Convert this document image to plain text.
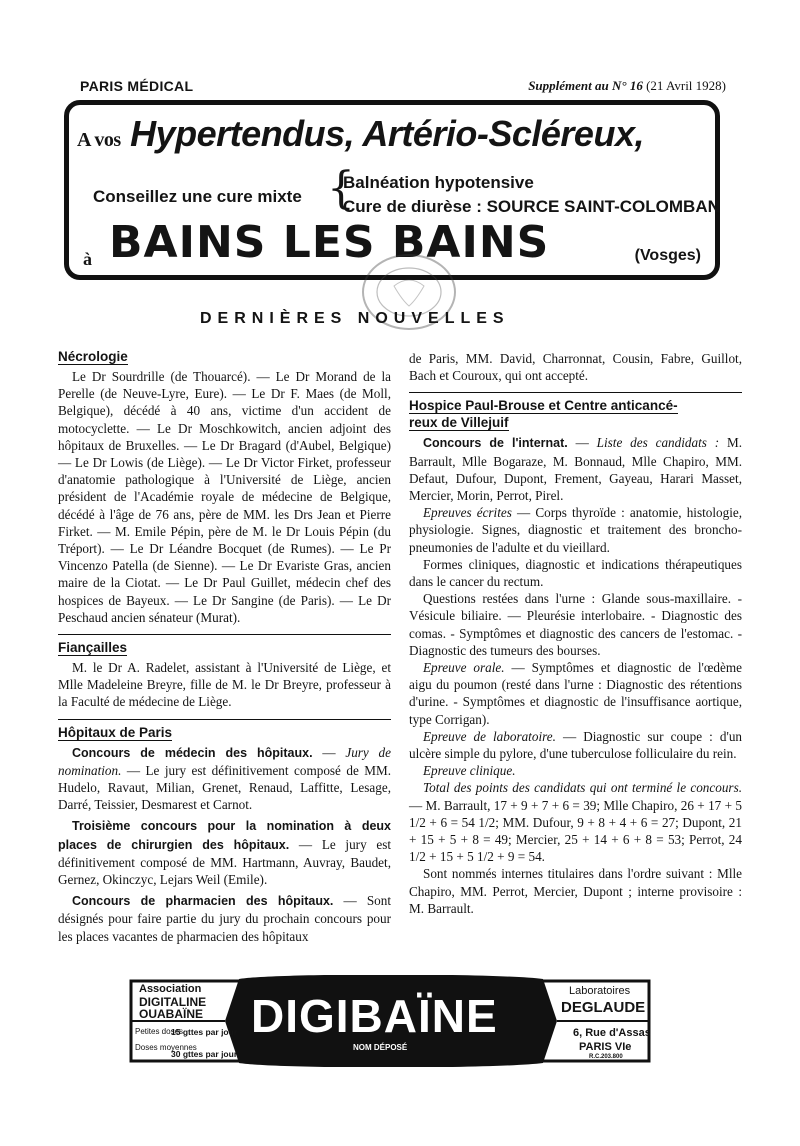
PARIS MÉDICAL	Supplément au N° 16 (21 Avril 1928)
A vos Hypertendus, Artério-Scléreux,
Conseillez une cure mixte {
Balnéation hypotensive
Cure de diurèse : SOURCE SAINT-COLOMBAN
à BAINS LES BAINS	(Vosges)
DERNIÈRES NOUVELLES
Nécrologie

Le Dr Sourdrille (de Thouarcé). — Le Dr Morand de la Perelle (de Neuve-Lyre, Eure). — Le Dr F. Maes (de Moll, Belgique), décédé à 40 ans, victime d'un accident de motocyclette. — Le Dr Moschkowitch, ancien adjoint des hôpitaux de Bruxelles. — Le Dr Bragard (d'Aubel, Belgique) — Le Dr Lowis (de Liège). — Le Dr Victor Firket, professeur d'anatomie pathologique à l'Université de Liège, ancien président de l'Académie royale de médecine de Belgique, décédé à l'âge de 76 ans, père de MM. les Drs Jean et Pierre Firket. — M. Emile Pépin, père de M. le Dr Louis Pépin (du Tréport). — Le Dr Léandre Bocquet (de Rumes). — Le Pr Vincenzo Patella (de Sienne). — Le Dr Evariste Gras, ancien maire de la Ciotat. — Le Dr Paul Guillet, médecin chef des hospices de Bayeux. — Le Dr Sangine (de Paris). — Le Dr Peschaud ancien sénateur (Murat).

Fiançailles

M. le Dr A. Radelet, assistant à l'Université de Liège, et Mlle Madeleine Breyre, fille de M. le Dr Breyre, professeur à la Faculté de médecine de Liège.

Hôpitaux de Paris

Concours de médecin des hôpitaux. — Jury de nomination. — Le jury est définitivement composé de MM. Hudelo, Ravaut, Milian, Grenet, Renaud, Laffitte, Lesage, Darré, Teissier, Desmarest et Carnot.

Troisième concours pour la nomination à deux places de chirurgien des hôpitaux. — Le jury est définitivement composé de MM. Hartmann, Auvray, Baudet, Gernez, Okinczyc, Lejars Weil (Emile).

Concours de pharmacien des hôpitaux. — Sont désignés pour faire partie du jury du prochain concours pour les places vacantes de pharmacien des hôpitaux

de Paris, MM. David, Charronnat, Cousin, Fabre, Guillot, Bach et Couroux, qui ont accepté.

Hospice Paul-Brouse et Centre anticancé-
reux de Villejuif

Concours de l'internat. — Liste des candidats : M. Barrault, Mlle Bogaraze, M. Bonnaud, Mlle Chapiro, MM. Defaut, Dufour, Dupont, Frement, Gayeau, Harari Masset, Mercier, Morin, Perrot, Pirel.

Epreuves écrites — Corps thyroïde : anatomie, histologie, physiologie. Signes, diagnostic et traitement des broncho-pneumonies de l'adulte et du vieillard.

Formes cliniques, diagnostic et indications thérapeutiques dans le cancer du rectum.

Questions restées dans l'urne : Glande sous-maxillaire. - Vésicule biliaire. — Pleurésie interlobaire. - Diagnostic des comas. - Symptômes et diagnostic des cancers de l'estomac. - Diagnostic des tumeurs des bourses.

Epreuve orale. — Symptômes et diagnostic de l'œdème aigu du poumon (resté dans l'urne : Diagnostic des rétentions d'urine. - Symptômes et diagnostic de l'insuffisance aortique, type Corrigan).

Epreuve de laboratoire. — Diagnostic sur coupe : d'un ulcère simple du pylore, d'une tuberculose folliculaire du rein.

Epreuve clinique.

Total des points des candidats qui ont terminé le concours. — M. Barrault, 17 + 9 + 7 + 6 = 39; Mlle Chapiro, 26 + 17 + 5 1/2 + 6 = 54 1/2; MM. Dufour, 9 + 8 + 4 + 6 = 27; Dupont, 21 + 15 + 5 + 8 = 49; Mercier, 25 + 14 + 6 + 8 = 53; Perrot, 24 1/2 + 15 + 5 1/2 + 9 = 54.

Sont nommés internes titulaires dans l'ordre suivant : Mlle Chapiro, MM. Perrot, Mercier, Dupont ; interne provisoire : M. Barrault.

Association
DIGITALINE
OUABAÏNE
Petites doses
15 gttes par jour
Doses moyennes
30 gttes par jour
DIGIBAÏNE
NOM DÉPOSÉ
Laboratoires
DEGLAUDE
6, Rue d'Assas
PARIS VIe
R.C.203.800
